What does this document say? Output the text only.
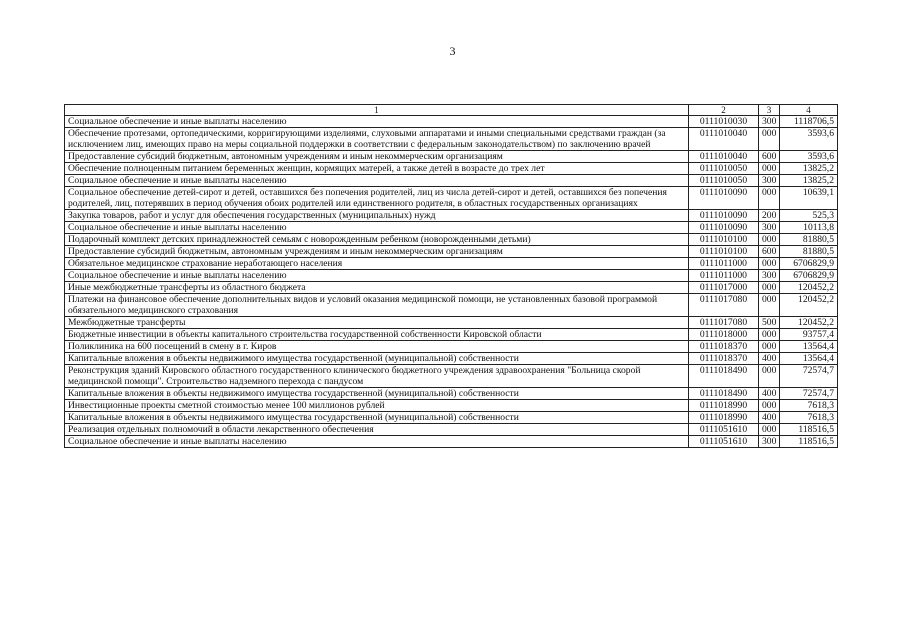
3
1	2	3	4
Социальное обеспечение и иные выплаты населению	0111010030	300	1118706,5
Обеспечение протезами, ортопедическими, корригирующими изделиями, слуховыми аппаратами и иными специальными средствами граждан (за исключением лиц, имеющих право на меры социальной поддержки в соответствии с федеральным законодательством) по заключению врачей	0111010040	000	3593,6
Предоставление субсидий бюджетным, автономным учреждениям и иным некоммерческим организациям	0111010040	600	3593,6
Обеспечение полноценным питанием беременных женщин, кормящих матерей, а также детей в возрасте до трех лет	0111010050	000	13825,2
Социальное обеспечение и иные выплаты населению	0111010050	300	13825,2
Социальное обеспечение детей-сирот и детей, оставшихся без попечения родителей, лиц из числа детей-сирот и детей, оставшихся без попечения родителей, лиц, потерявших в период обучения обоих родителей или единственного родителя, в областных государственных организациях	0111010090	000	10639,1
Закупка товаров, работ и услуг для обеспечения государственных (муниципальных) нужд	0111010090	200	525,3
Социальное обеспечение и иные выплаты населению	0111010090	300	10113,8
Подарочный комплект детских принадлежностей семьям с новорожденным ребенком (новорожденными детьми)	0111010100	000	81880,5
Предоставление субсидий бюджетным, автономным учреждениям и иным некоммерческим организациям	0111010100	600	81880,5
Обязательное медицинское страхование неработающего населения	0111011000	000	6706829,9
Социальное обеспечение и иные выплаты населению	0111011000	300	6706829,9
Иные межбюджетные трансферты из областного бюджета	0111017000	000	120452,2
Платежи на финансовое обеспечение дополнительных видов и условий оказания медицинской помощи, не установленных базовой программой обязательного медицинского страхования	0111017080	000	120452,2
Межбюджетные трансферты	0111017080	500	120452,2
Бюджетные инвестиции в объекты капитального строительства государственной собственности Кировской области	0111018000	000	93757,4
Поликлиника на 600 посещений в смену в г. Киров	0111018370	000	13564,4
Капитальные вложения в объекты недвижимого имущества государственной (муниципальной) собственности	0111018370	400	13564,4
Реконструкция зданий Кировского областного государственного клинического бюджетного учреждения здравоохранения "Больница скорой медицинской помощи". Строительство надземного перехода с пандусом	0111018490	000	72574,7
Капитальные вложения в объекты недвижимого имущества государственной (муниципальной) собственности	0111018490	400	72574,7
Инвестиционные проекты сметной стоимостью менее 100 миллионов рублей	0111018990	000	7618,3
Капитальные вложения в объекты недвижимого имущества государственной (муниципальной) собственности	0111018990	400	7618,3
Реализация отдельных полномочий в области лекарственного обеспечения	0111051610	000	118516,5
Социальное обеспечение и иные выплаты населению	0111051610	300	118516,5
